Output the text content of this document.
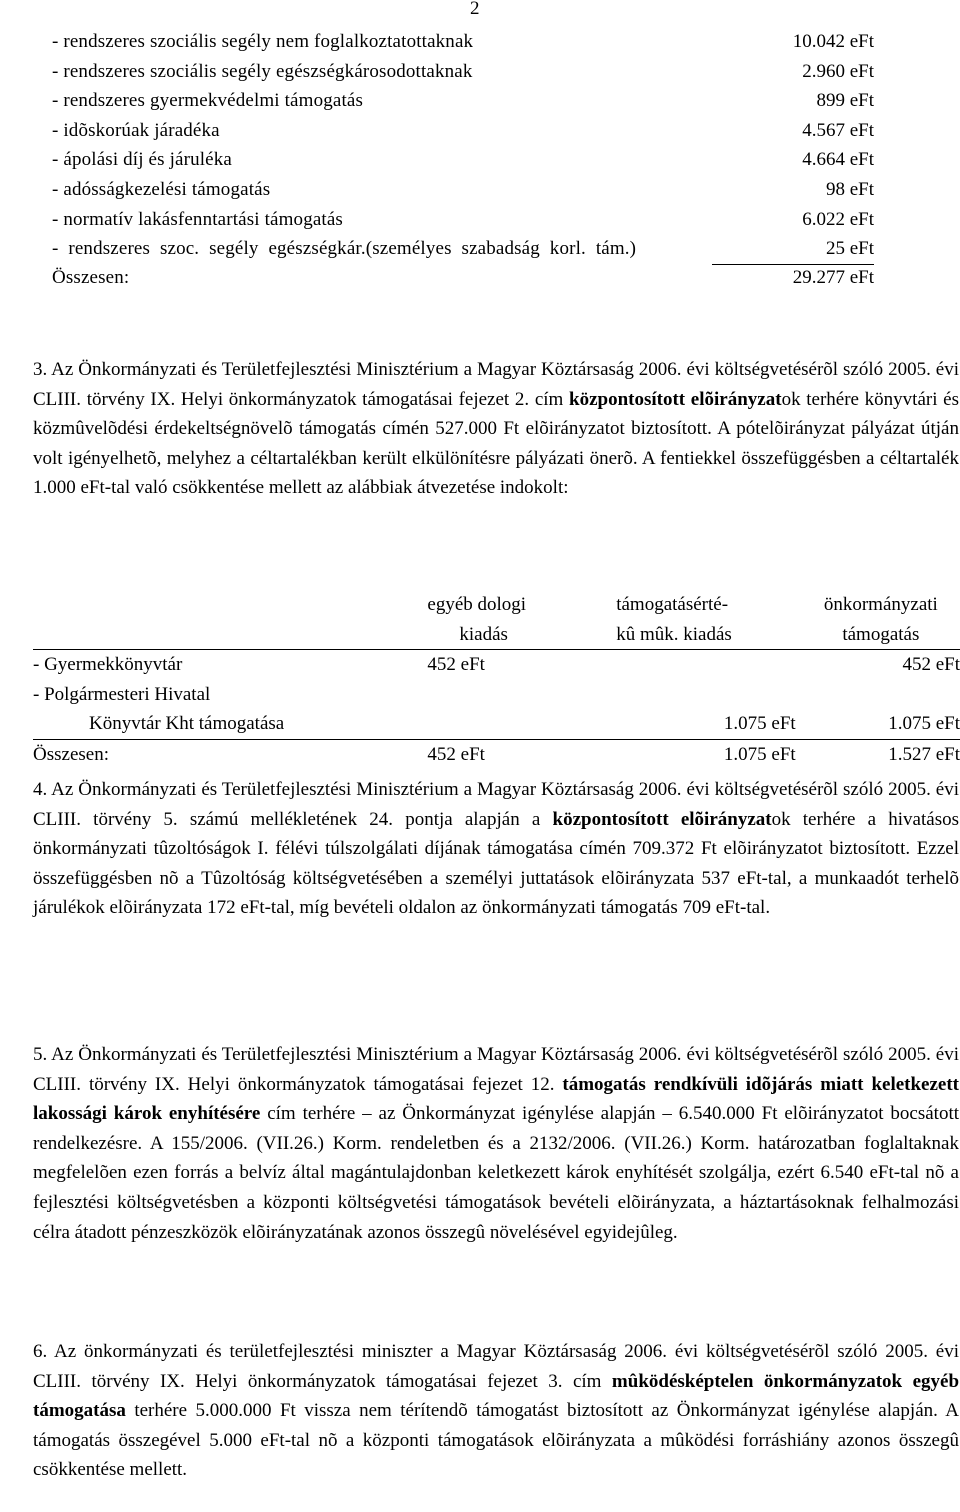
2
- rendszeres szociális segély nem foglalkoztatottaknak	10.042 eFt
- rendszeres szociális segély egészségkárosodottaknak	2.960 eFt
- rendszeres gyermekvédelmi támogatás	899 eFt
- idõskorúak járadéka	4.567 eFt
- ápolási díj és járuléka	4.664 eFt
- adósságkezelési támogatás	98 eFt
- normatív lakásfenntartási támogatás	6.022 eFt
- rendszeres szoc. segély egészségkár.(személyes szabadság korl. tám.)	25 eFt
Összesen:	29.277 eFt
3. Az Önkormányzati és Területfejlesztési Minisztérium a Magyar Köztársaság 2006. évi költségvetésérõl szóló 2005. évi CLIII. törvény IX. Helyi önkormányzatok támogatásai fejezet 2. cím központosított elõirányzatok terhére könyvtári és közmûvelõdési érdekeltségnövelõ támogatás címén 527.000 Ft elõirányzatot biztosított. A pótelõirányzat pályázat útján volt igényelhetõ, melyhez a céltartalékban került elkülönítésre pályázati önerõ. A fentiekkel összefüggésben a céltartalék 1.000 eFt-tal való csökkentése mellett az alábbiak átvezetése indokolt:
	egyéb dologi	támogatásérté-	önkormányzati
	kiadás	kû mûk. kiadás	támogatás
- Gyermekkönyvtár	452 eFt		452 eFt
- Polgármesteri Hivatal			
Könyvtár Kht támogatása		1.075 eFt	1.075 eFt
Összesen:	452 eFt	1.075 eFt	1.527 eFt
4. Az Önkormányzati és Területfejlesztési Minisztérium a Magyar Köztársaság 2006. évi költségvetésérõl szóló 2005. évi CLIII. törvény 5. számú mellékletének 24. pontja alapján a központosított elõirányzatok terhére a hivatásos önkormányzati tûzoltóságok I. félévi túlszolgálati díjának támogatása címén 709.372 Ft elõirányzatot biztosított. Ezzel összefüggésben nõ a Tûzoltóság költségvetésében a személyi juttatások elõirányzata 537 eFt-tal, a munkaadót terhelõ járulékok elõirányzata 172 eFt-tal, míg bevételi oldalon az önkormányzati támogatás 709 eFt-tal.
5. Az Önkormányzati és Területfejlesztési Minisztérium a Magyar Köztársaság 2006. évi költségvetésérõl szóló 2005. évi CLIII. törvény IX. Helyi önkormányzatok támogatásai fejezet 12. támogatás rendkívüli idõjárás miatt keletkezett lakossági károk enyhítésére cím terhére – az Önkormányzat igénylése alapján – 6.540.000 Ft elõirányzatot bocsátott rendelkezésre. A 155/2006. (VII.26.) Korm. rendeletben és a 2132/2006. (VII.26.) Korm. határozatban foglaltaknak megfelelõen ezen forrás a belvíz által magántulajdonban keletkezett károk enyhítését szolgálja, ezért 6.540 eFt-tal nõ a fejlesztési költségvetésben a központi költségvetési támogatások bevételi elõirányzata, a háztartásoknak felhalmozási célra átadott pénzeszközök elõirányzatának azonos összegû növelésével egyidejûleg.
6. Az önkormányzati és területfejlesztési miniszter a Magyar Köztársaság 2006. évi költségvetésérõl szóló 2005. évi CLIII. törvény IX. Helyi önkormányzatok támogatásai fejezet 3. cím mûködésképtelen önkormányzatok egyéb támogatása terhére 5.000.000 Ft vissza nem térítendõ támogatást biztosított az Önkormányzat igénylése alapján. A támogatás összegével 5.000 eFt-tal nõ a központi támogatások elõirányzata a mûködési forráshiány azonos összegû csökkentése mellett.
